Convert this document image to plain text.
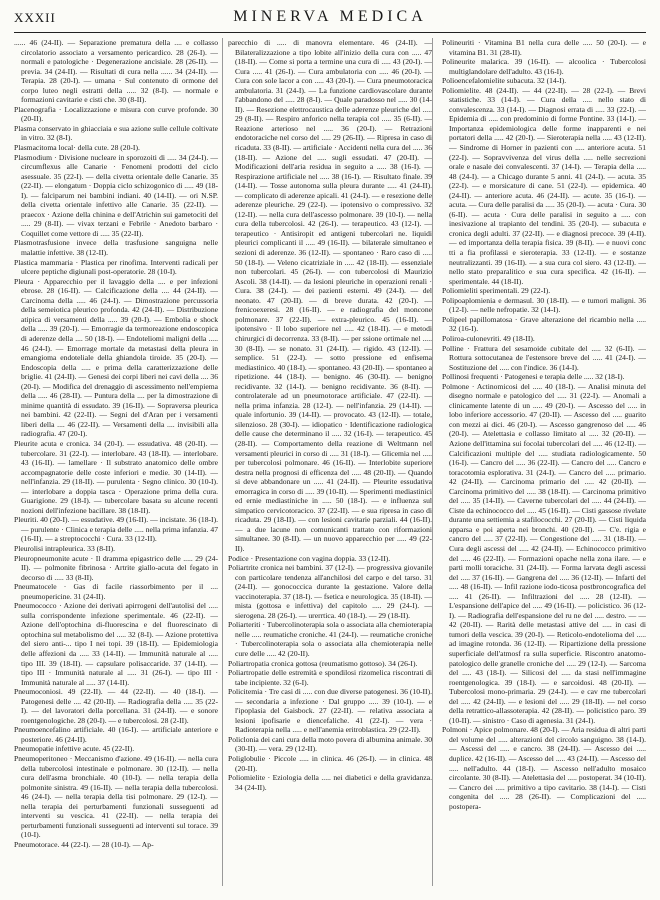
XXXII	MINERVA MEDICA

...... 46 (24-II). — Separazione prematura della .... e collasso circolatorio associato a versamento pericardico. 28 (26-I). — normali e patologiche · Degenerazione ancisiale. 28 (26-II). — previa. 34 (24-II). — Risultati di cura nella ...... 34 (24-II). — Terapia. 28 (20-I). — umana · Sul contenuto di ormone del corpo luteo negli estratti della ..... 32 (8-I). — normale e formazioni cavitarie e cisti che. 30 (8-II).

Placenografia · Localizzazione e misura con curve profonde. 30 (20-II).

Plasma conservato in ghiacciaia e sua azione sulle cellule coltivate in vitro. 32 (8-I).

Plasmacitoma local· della cute. 28 (20-I).

Plasmodium · Divisione nucleare in sporozoiti di ..... 34 (24-I). — circumflexus alle Canarie · Fenomeni prodotti del ciclo asessuale. 35 (22-I). — della civetta orientale delle Canarie. 35 (22-II). — elongatum · Doppia ciclo schizogonico di ..... 49 (18-I). — falciparum nei bambini indiani. 40 (14-II). — ori N.SP. della civetta orientale infettivo alle Canarie. 35 (22-II). — praecox · Azione della chinina e dell'Atrichin sui gametociti del ..... 29 (8-II). — vivax terzani e Febrile · Anedoto barbaro · Coquillet come vettore di ..... 35 (22-II).

Plasmotrasfusione invece della trasfusione sanguigna nelle malattie infettive. 38 (12-II).

Plastica mammaria · Plastica per rinofima. Interventi radicali per ulcere peptiche digiunali post-operatorie. 28 (10-I).

Pleura · Apparecchio per il lavaggio della .... e per infezioni ebrose. 28 (16-II). — Calcificazione della .... 44 (24-II). — Carcinoma della ..... 46 (24-I). — Dimostrazione percussoria della semeiotica pleurico profonda. 42 (24-II). — Distribuzione atipica di versamenti della ..... 39 (20-I). — Embolia e shock della ..... 39 (20-I). — Emorragie da termoreazione endoscopica di aderenze della .... 50 (18-I). — Endoteliomi maligni della ..... 46 (24-I). — Emorrage mortale da metastasi della pleura in emangioma endoteliale della ghiandola tiroide. 35 (20-I). — Endoscopia della ..... e prima della caratterizzazione delle briglie. 41 (24-II). — Genesi dei corpi liberi nei cavi della .... 36 (20-I). — Modifica del drenaggio di ascessimento nell'empiema della ..... 46 (28-II). — Puntura della .... per la dimostrazione di minime quantità di essudato. 39 (16-II). — Sopraversa pleurica nei bambini. 42 (22-II). — Segni del d'Aran per i versamenti liberi della .... 46 (22-II). — Versamenti della .... invisibili alla radiografia. 47 (20-I).

Pleurite acuta e cronica. 34 (20-I). — essudativa. 48 (20-II). — tubercolare. 31 (22-I). — interlobare. 43 (18-II). — interlobare. 43 (16-II). — lamellare · Il substrato anatomico delle ombre accompagnatorie delle coste inferiori e medie. 30 (14-II). — nell'infanzia. 29 (18-II). — purulenta · Segno clinico. 30 (10-I). — interlobare a doppia tasca · Operazione prima della cura. Guarigione. 29 (18-I). — tubercolare basata su alcune recenti nozioni dell'infezione bacillare. 38 (18-II).

Pleuriti. 40 (20-I). — essudative. 49 (16-II). — incistate. 36 (18-I). — purulente · Clinica e terapia delle ..... nella prima infanzia. 47 (16-II). — a streptococchi · Cura. 33 (12-II).

Pleurolisi intrapleurica. 33 (8-II).

Pleuropneumonite acute · Il dramma epigastrico delle ..... 29 (24-II). — polmonite fibrinosa · Artrite giallo-acuta del fegato in decorso di ..... 33 (8-II).

Pneumatocele · Gas di facile riassorbimento per il .... pneumopericine. 31 (24-II).

Pneumococco · Azione dei derivati apirrogeni dell'autolisi del ..... sulla corrispondente infezione sperimentale. 46 (22-II). — Azione dell'optochina di-fluorescina e del fluorescinato di optochina sul metabolismo del ..... 32 (8-I). — Azione protettiva del siero anti-... tipo I nei topi. 39 (18-II). — Epidemiologia delle affezioni da ..... 33 (14-II). — Immunità naturale al ..... tipo III. 39 (18-II). — capsulare polisaccaride. 37 (14-II). — tipo III · Immunità naturale al ..... 31 (26-I). — tipo III · Immunità naturale al ..... 37 (14-II).

Pneumoconiosi. 49 (22-II). — 44 (22-II). — 40 (18-I). — Patogenesi delle .... 42 (20-II). — Radiografia della ..... 35 (22-I). — del lavoratori della porcellana. 31 (24-II). — e sonore roentgenologiche. 28 (20-I). — e tubercolosi. 28 (2-II).

Pneumoencefalino artificiale. 40 (16-I). — artificiale anteriore e posteriore. 46 (24-II).

Pneumopatie infettive acute. 45 (22-II).

Pneumoperitoneo · Meccanismo d'azione. 49 (16-II). — nella cura della tubercolosi intestinale e polmonare. 30 (12-II). — nella cura dell'asma bronchiale. 40 (10-I). — nella terapia della polmonite sinistra. 49 (16-II). — nella terapia della tubercolosi. 46 (24-I). — nella terapia della tisi polmonare. 29 (12-I). — nella terapia dei perturbamenti funzionali susseguenti ad interventi su vescica. 41 (22-II). — nella terapia dei perturbamenti funzionali susseguenti ad interventi sul torace. 39 (10-I).

Pneumotorace. 44 (22-I). — 28 (10-I). — Ap-

parecchio di ..... di manovra elementare. 46 (24-II). — Bilateralizzazione a tipo lobite all'inizio della cura con ..... 47 (18-II). — Come si porta a termine una cura di ..... 43 (20-I). — Cura ..... 41 (26-I). — Cura ambulatoria con ..... 46 (20-I). — Cura con sole lacor a con ..... 43 (20-I). — Cura pneumotoracica ambulatoria. 31 (24-I). — La funzione cardiovascolare durante l'abbandono del ..... 28 (8-I). — Quale paradosso nel ..... 30 (14-II). — Resezione elettrocaustica delle aderenze pleuriche del ..... 29 (8-II). — Respiro anforico nella terapia col ..... 35 (6-II). — Reazione arterioso nel ..... 36 (20-I). — Retrazioni endotoraciche nel corso del ..... 29 (26-II). — Ripresa in caso di ricaduta. 33 (8-II). — artificiale · Accidenti nella cura del ..... 36 (18-II). — Azione del ..... sugli essudati. 47 (20-II). — Modificazioni dell'aria residua in seguito a ..... 38 (16-I). — Respirazione artificiale nel ..... 38 (16-I). — Risultato finale. 39 (14-II). — Tosse autonoma sulla pleura durante ..... 41 (24-II). — complicato di aderenze apicali. 41 (24-I). — e resezione delle aderenze pleuriche. 29 (22-I). — ipotensivo o compressivo. 32 (12-II). — nella cura dell'ascesso polmonare. 39 (10-I). — nella cura della tubercolosi. 42 (26-I). — terapeutico. 43 (12-I). — terapeutico · Antisiropit ed antigeni tubercolari ne. liquidi pleurici complicanti il ..... 49 (16-II). — bilaterale simultaneo e sezioni di aderenze. 36 (12-II). — spontaneo · Raro caso di ..... 50 (18-I). — Veleno cicatriziale in ..... 42 (18-II). — essenziale non tubercolari. 45 (26-I). — con tubercolosi di Maurizio Ascoli. 38 (14-II). — da lesioni pleuriche in operazioni renali · Cura. 38 (24-I). — dei pazienti esterni. 49 (24-I). — del neonato. 47 (20-II). — di breve durata. 42 (20-I). — frenicoexeresi. 28 (16-II). — e radiografia del moncone polmonare. 37 (22-II). — extra-pleurico. 45 (16-II). — ipotensivo · Il lobo superiore nel ..... 42 (18-II). — e metodi chirurgici di decorrenza. 33 (8-II). — per ssione ortimale nel ..... 30 (8-II). — se nonato. 31 (24-II). — rigido. 43 (12-II). — semplice. 51 (22-I). — sotto pressione ed enfisema mediastinico. 40 (18-I). — spontaneo. 43 (20-II). — spontaneo a ripetizione. 44 (18-I). — benigno. 46 (30-II). — benigno recidivante. 32 (14-I). — benigno recidivante. 36 (8-II). — controlaterale ad un pneumotorace artificiale. 47 (22-II). — nella prima infanzia. 28 (12-I). — nell'infanzia. 29 (14-II). — quale infortunio. 39 (14-II). — provocato. 43 (12-II). — totale, silenzioso. 28 (30-I). — idiopatico · Identificazione radiologica delle cause che determinano il ..... 32 (16-I). — terapeutico. 45 (28-II). — Comportamento della reazione di Weltmann nel versamenti pleurici in corso di ..... 31 (18-I). — Glicemia nel ..... per tubercolosi polmonare. 46 (16-II). — Interlobite superiore destra nella prognosi di efficenza del ..... 48 (20-II). — Quando si deve abbandonare un ..... 41 (24-II). — Pleurite essudativa emorragica in corso di ..... 39 (10-II). — Sperimenti mediastinici ed ernie mediastiniche in ..... 50 (18-I). — e influenza sul simpatico cervicotoracico. 37 (22-II). — e sua ripresa in caso di ricaduta. 29 (18-II). — con lesioni cavitarie parziali. 44 (16-II). — a due lacune non comunicanti trattato con riformazioni simultanee. 30 (8-II). — un nuovo apparecchio per ..... 49 (22-II).

Podice · Presentazione con vagina doppia. 33 (12-II).

Poliartrite cronica nei bambini. 37 (12-I). — progressiva giovanile con particolare tendenza all'anchilosi del carpo e del tarso. 31 (24-II). — gonococcica durante la gestazione. Valore della vaccinoterapia. 37 (18-I). — fsetica e neurologica. 35 (18-II). — mista (gottosa e infettiva) del capitolo ..... 29 (24-I). — sierogena. 28 (26-I). — urerrtica. 40 (18-I). — 29 (18-II).

Poliarteriti · Tubercolinoterapia sola o associata alla chemioterapia nelle ..... reumatiche croniche. 41 (24-I). — reumatiche croniche · Tubercolinoterapia sola o associata alla chemioterapia nelle cure delle ..... 42 (20-II).

Poliartropatia cronica gottosa (reumatismo gottoso). 34 (26-I).

Poliartropatie delle estremità e spondilosi rizomelica riscontrati di tabe incipiente. 32 (6-I).

Policitemia · Tre casi di ..... con due diverse patogenesi. 36 (10-II). — secondaria a infezione · Dal gruppo ..... 39 (10-I). — e l'ipoplasia del Gaisbock. 27 (22-II). — relativa associata a lesioni ipofisarie e diencefaliche. 41 (22-I). — vera · Radioterapia nella ..... e nell'anemia eritroblastica. 29 (22-II).

Policlonia dei cani cura della moto povera di albumina animale. 30 (30-II). — vera. 29 (12-II).

Poliglobulie · Piccole ..... in clinica. 46 (26-I). — in clinica. 48 (20-II).

Poliomielite · Eziologia della ..... nei diabetici e della gravidanza. 34 (24-II).

Polineuriti · Vitamina B1 nella cura delle ..... 50 (20-I). — e vitamina B1. 31 (28-II).

Polineurite malarica. 39 (16-II). — alcoolica · Tubercolosi multiglandolare dell'adulto. 43 (16-I).

Polioencefalomielite subacuta. 32 (14-I).

Poliomielite. 48 (24-II). — 44 (22-II). — 28 (22-I). — Brevi statistiche. 33 (14-I). — Cura della ..... nello stato di convalescenza. 33 (14-I). — Diagnosi errata di ..... 33 (22-I). — Epidemia di ..... con predominio di forme Pontine. 33 (14-I). — Importanza epidemiologica delle forme inapparenti e nei portatori della ..... 42 (20-I). — Sieroterapia nella ..... 43 (12-II). — Sindrome di Horner in pazienti con ..... anteriore acuta. 51 (22-I). — Sopravvivenza del virus della ..... nelle secrezioni orale e nasale dei convalescenti. 37 (14-I). — Terapia della ..... 48 (24-I). — a Chicago durante 5 anni. 41 (24-I). — acuta. 35 (22-I). — e morsicature di cane. 51 (22-I). — epidemica. 40 (24-II). — anteriore acuta. 46 (24-II). — acute. 35 (16-I). — acuta. — Cura delle paralisi da ..... 35 (20-I). — acuta · Cura. 30 (6-II). — acuta · Cura delle paralisi in seguito a ..... con inesivazione al trapianto del tendini. 35 (20-I). — subacuta e cronica degli adulti. 37 (22-II). — e diagnosi precoce. 39 (4-II). — ed importanza della terapia fisica. 39 (8-II). — e nuovi conc tti a fia profilassi e sieroterapia. 33 (12-II). — e sostanze neutralizzanti. 39 (16-II). — a sua cura col siero. 43 (12-II). — nello stato preparalitico e sua cura specifica. 42 (16-II). — sperimentale. 44 (18-II).

Poliomieliti sperimentali. 29 (22-I).

Polipoaplomienia e dermasul. 30 (18-II). — e tumori maligni. 36 (12-I). — nelle nefropatie. 32 (14-I).

Polipeel papillomatosa · Grave alterazione del ricambio nella ..... 32 (16-I).

Poliroa-culonevriti. 49 (18-II).

Polline · Frattura del sesamoide cubitale del ..... 32 (6-II). — Rottura sottocutanea de l'estensore breve del ..... 41 (24-I). — Sostituzione del ..... con l'indice. 36 (14-I).

Pollinosi frequenti · Patogenesi e terapia delle ..... 32 (18-I).

Polmone · Actinomicosi del ..... 40 (18-I). — Analisi minuta del disegno normale e patologico del ..... 31 (22-I). — Anomali a clinicamente latente di un ..... 49 (20-I). — Ascesso del ..... in lobo inferiore accessorio. 47 (20-II). — Ascesso del ..... guarito con mezzi ai dici. 46 (20-I). — Ascesso gangrenoso del ..... 46 (20-I). — Atelettasia e collasso limitato al ..... 32 (20-II). — Azione dell'ittamina sui focolai tubercolari del ..... 46 (12-II). — Calcificazioni multiple del ..... studiata radiologicamente. 50 (16-I). — Cancro del ..... 36 (22-II). — Cancro del ..... Cancro e toracotomia esplorativa. 31 (24-I). — Cancro del ..... primario. 42 (24-II). — Carcinoma primario del ..... 42 (20-II). — Carcinoma primitivo del ..... 38 (18-II). — Carcinoma primitivo del ..... 35 (14-II). — Caverne tubercolari del ..... 44 (24-II). — Ciste da echinococco del ..... 45 (16-II). — Cisti gassose rivelate durante una settiemia a stafilococchi. 27 (20-II). — Cisti liquida apparsa e poi aperta nei bronchi. 40 (20-II). — C'e. rigia e cancro del ..... 37 (22-II). — Congestione del ..... 31 (18-II). — Cura degli ascessi del ..... 42 (24-II). — Echinococco primitivo del ..... 46 (22-II). — Formazioni opache nella zona ilare. — e parti molli toraciche. 31 (24-II). — Forma larvata degli ascessi del ..... 37 (16-II). — Gangrena del ..... 36 (12-II). — Infarti del ..... 48 (16-II). — Infil razione iodo-ticosa postbroncografica del ..... 41 (26-II). — Infiltrazioni del ..... 28 (12-II). — L'espansione dell'apice del ..... 49 (16-II). — policistico. 36 (12-I). — Radiografia dell'espansione del ru ne del ..... destro. — — 42 (20-II). — Rarità delle metastasi attive del ..... in casi di tumori della vescica. 39 (20-I). — Reticolo-endotelioma del ..... ad imagine rotonda. 36 (12-II). — Ripartizione della pressione superficiale dell'atmosf ra sulla superficie. Riscontro anatomo-patologico delle granelle croniche del ..... 29 (12-I). — Sarcoma del ..... 43 (18-I). — Silicosi del ..... da stasi nell'immagine roentgenologica. 39 (18-I). — e sarcoidosi. 48 (20-II). — Tubercolosi mono-primaria. 29 (24-I). — e cav rne tubercolari del ..... 42 (24-II). — e lesioni del ..... 29 (18-II). — nel corso della retrattico-allassoterapia. 42 (28-II). — policistico paro. 39 (10-II). — sinistro · Caso di agenesia. 31 (24-I).

Polmoni · Apice polmonare. 48 (20-I). — Aria residua di altri parti del volume del ..... alterazioni del circolo sanguigno. 38 (14-I). — Ascessi del ..... e cancro. 38 (24-II). — Ascesso dei ..... duplice. 42 (16-II). — Ascesso del ..... 43 (24-II). — Ascesso del ..... nell'adulto. 44 (18-I). — Ascesso nell'adulto mosaico circolante. 30 (8-II). — Atelettasia del ..... postoperat. 34 (10-II). — Cancro dei ..... primitivo a tipo cavitario. 38 (14-I). — Cisti congenita del ..... 28 (26-II). — Complicazioni del ..... postopera-
